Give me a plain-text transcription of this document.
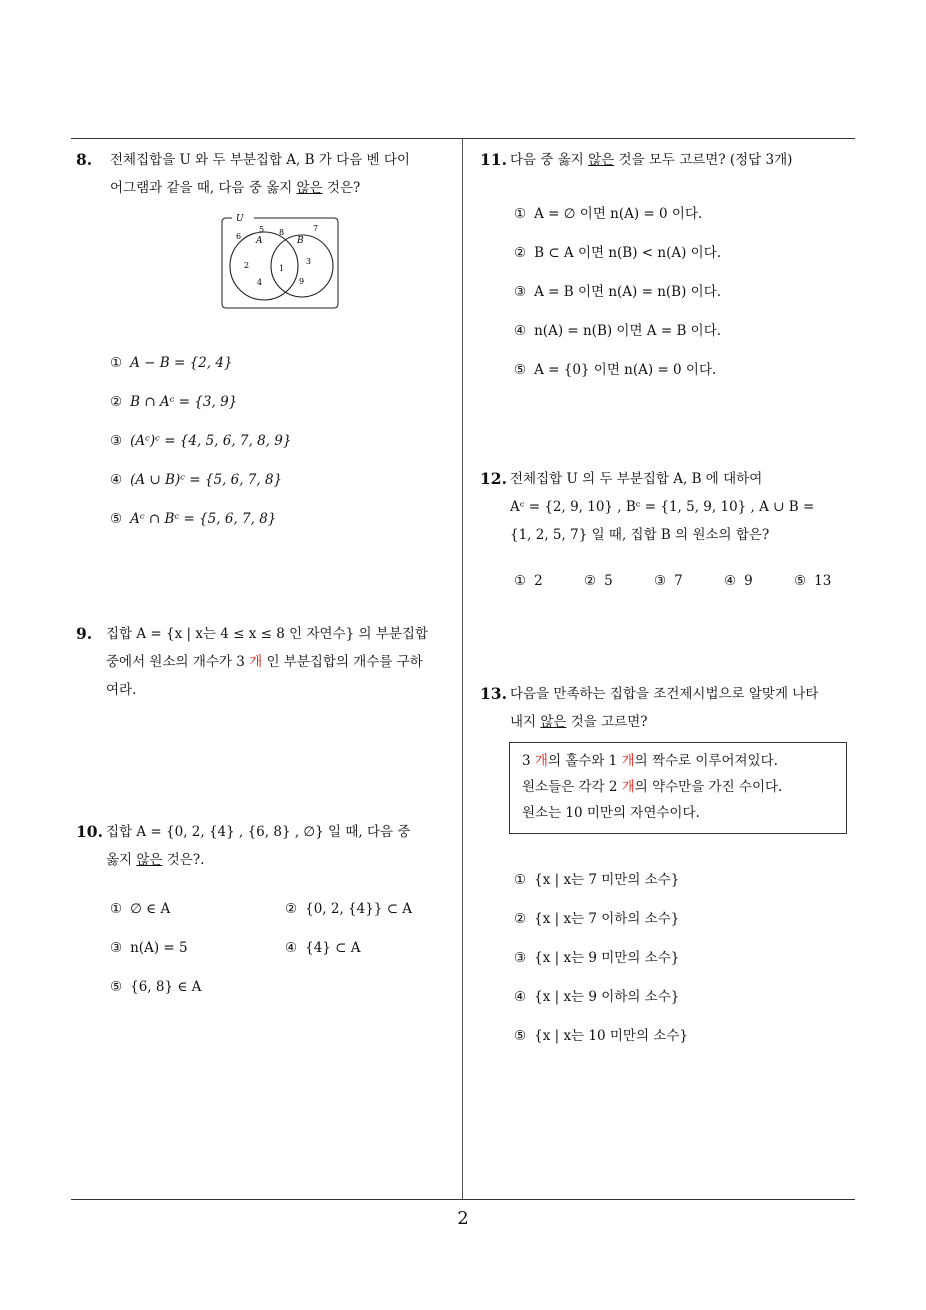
2
8. 전체집합을 U 와 두 부분집합 A, B 가 다음 벤 다이
어그램과 같을 때, 다음 중 옳지 않은 것은?
U
A	B
6
5 8	7
2
4
1
3
9
① A − B = {2, 4}
② B ∩ Aᶜ = {3, 9}
③ (Aᶜ)ᶜ = {4, 5, 6, 7, 8, 9}
④ (A ∪ B)ᶜ = {5, 6, 7, 8}
⑤ Aᶜ ∩ Bᶜ = {5, 6, 7, 8}
9. 집합 A = {x | x는 4 ≤ x ≤ 8 인 자연수} 의 부분집합
중에서 원소의 개수가 3 개 인 부분집합의 개수를 구하
여라.
10. 집합 A = {0, 2, {4} , {6, 8} , ∅} 일 때, 다음 중
옳지 않은 것은?.
① ∅ ∈ A	② {0, 2, {4}} ⊂ A
③ n(A) = 5	④ {4} ⊂ A
⑤ {6, 8} ∈ A
11. 다음 중 옳지 않은 것을 모두 고르면? (정답 3개)
① A = ∅ 이면 n(A) = 0 이다.
② B ⊂ A 이면 n(B) < n(A) 이다.
③ A = B 이면 n(A) = n(B) 이다.
④ n(A) = n(B) 이면 A = B 이다.
⑤ A = {0} 이면 n(A) = 0 이다.
12. 전체집합 U 의 두 부분집합 A, B 에 대하여
Aᶜ = {2, 9, 10} , Bᶜ = {1, 5, 9, 10} , A ∪ B =
{1, 2, 5, 7} 일 때, 집합 B 의 원소의 합은?
① 2	② 5	③ 7	④ 9	⑤ 13
13. 다음을 만족하는 집합을 조건제시법으로 알맞게 나타
내지 않은 것을 고르면?
3 개의 홀수와 1 개의 짝수로 이루어져있다.
원소들은 각각 2 개의 약수만을 가진 수이다.
원소는 10 미만의 자연수이다.
① {x | x는 7 미만의 소수}
② {x | x는 7 이하의 소수}
③ {x | x는 9 미만의 소수}
④ {x | x는 9 이하의 소수}
⑤ {x | x는 10 미만의 소수}
